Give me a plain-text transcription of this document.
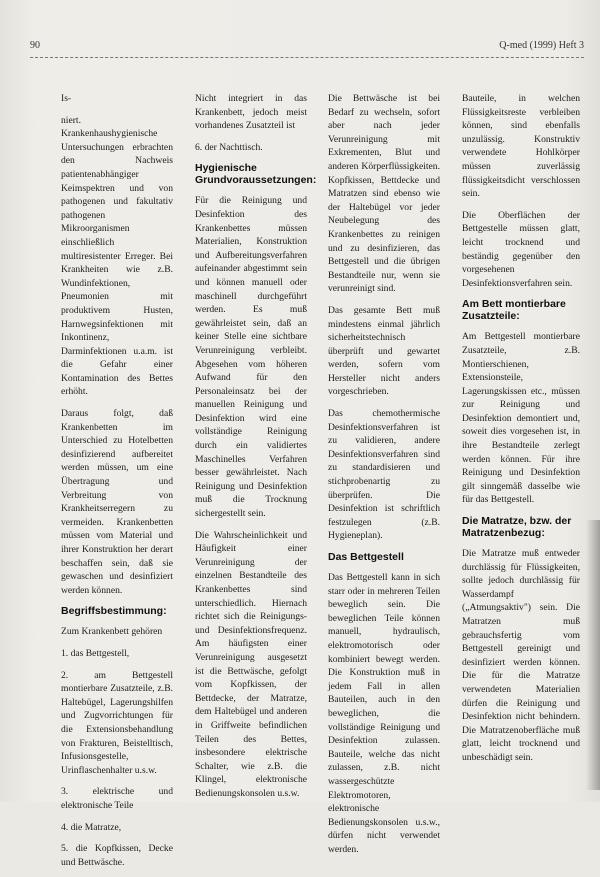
90	Q-med (1999) Heft 3

Is-

niert. Krankenhaushygienische Untersuchungen erbrachten den Nachweis patientenabhängiger Keimspektren und von pathogenen und fakultativ pathogenen Mikroorganismen einschließlich multiresistenter Erreger. Bei Krankheiten wie z.B. Wundinfektionen, Pneumonien mit produktivem Husten, Harnwegsinfektionen mit Inkontinenz, Darminfektionen u.a.m. ist die Gefahr einer Kontamination des Bettes erhöht.

Daraus folgt, daß Krankenbetten im Unterschied zu Hotelbetten desinfizierend aufbereitet werden müssen, um eine Übertragung und Verbreitung von Krankheitserregern zu vermeiden. Krankenbetten müssen vom Material und ihrer Konstruktion her derart beschaffen sein, daß sie gewaschen und desinfiziert werden können.

Begriffsbestimmung:

Zum Krankenbett gehören

1. das Bettgestell,

2. am Bettgestell montierbare Zusatzteile, z.B. Haltebügel, Lagerungshilfen und Zugvorrichtungen für die Extensionsbehandlung von Frakturen, Beistelltisch, Infusionsgestelle, Urinflaschenhalter u.s.w.

3. elektrische und elektronische Teile

4. die Matratze,

5. die Kopfkissen, Decke und Bettwäsche.

Nicht integriert in das Krankenbett, jedoch meist vorhandenes Zusatzteil ist

6. der Nachttisch.

Hygienische Grundvoraussetzungen:

Für die Reinigung und Desinfektion des Krankenbettes müssen Materialien, Konstruktion und Aufbereitungsverfahren aufeinander abgestimmt sein und können manuell oder maschinell durchgeführt werden. Es muß gewährleistet sein, daß an keiner Stelle eine sichtbare Verunreinigung verbleibt. Abgesehen vom höheren Aufwand für den Personaleinsatz bei der manuellen Reinigung und Desinfektion wird eine vollständige Reinigung durch ein validiertes Maschinelles Verfahren besser gewährleistet. Nach Reinigung und Desinfektion muß die Trocknung sichergestellt sein.

Die Wahrscheinlichkeit und Häufigkeit einer Verunreinigung der einzelnen Bestandteile des Krankenbettes sind unterschiedlich. Hiernach richtet sich die Reinigungs- und Desinfektionsfrequenz. Am häufigsten einer Verunreinigung ausgesetzt ist die Bettwäsche, gefolgt vom Kopfkissen, der Bettdecke, der Matratze, dem Haltebügel und anderen in Griffweite befindlichen Teilen des Bettes, insbesondere elektrische Schalter, wie z.B. die Klingel, elektronische Bedienungskonsolen u.s.w.

Die Bettwäsche ist bei Bedarf zu wechseln, sofort aber nach jeder Verunreinigung mit Exkrementen, Blut und anderen Körperflüssigkeiten. Kopfkissen, Bettdecke und Matratzen sind ebenso wie der Haltebügel vor jeder Neubelegung des Krankenbettes zu reinigen und zu desinfizieren, das Bettgestell und die übrigen Bestandteile nur, wenn sie verunreinigt sind.

Das gesamte Bett muß mindestens einmal jährlich sicherheitstechnisch überprüft und gewartet werden, sofern vom Hersteller nicht anders vorgeschrieben.

Das chemothermische Desinfektionsverfahren ist zu validieren, andere Desinfektionsverfahren sind zu standardisieren und stichprobenartig zu überprüfen. Die Desinfektion ist schriftlich festzulegen (z.B. Hygieneplan).

Das Bettgestell

Das Bettgestell kann in sich starr oder in mehreren Teilen beweglich sein. Die beweglichen Teile können manuell, hydraulisch, elektromotorisch oder kombiniert bewegt werden. Die Konstruktion muß in jedem Fall in allen Bauteilen, auch in den beweglichen, die vollständige Reinigung und Desinfektion zulassen. Bauteile, welche das nicht zulassen, z.B. nicht wassergeschützte Elektromotoren, elektronische Bedienungskonsolen u.s.w., dürfen nicht verwendet werden.

Bauteile, in welchen Flüssigkeitsreste verbleiben können, sind ebenfalls unzulässig. Konstruktiv verwendete Hohlkörper müssen zuverlässig flüssigkeitsdicht verschlossen sein.

Die Oberflächen der Bettgestelle müssen glatt, leicht trocknend und beständig gegenüber den vorgesehenen Desinfektionsverfahren sein.

Am Bett montierbare Zusatzteile:

Am Bettgestell montierbare Zusatzteile, z.B. Montierschienen, Extensionsteile, Lagerungskissen etc., müssen zur Reinigung und Desinfektion demontiert und, soweit dies vorgesehen ist, in ihre Bestandteile zerlegt werden können. Für ihre Reinigung und Desinfektion gilt sinngemäß dasselbe wie für das Bettgestell.

Die Matratze, bzw. der Matratzenbezug:

Die Matratze muß entweder durchlässig für Flüssigkeiten, sollte jedoch durchlässig für Wasserdampf („Atmungsaktiv") sein. Die Matratzen muß gebrauchsfertig vom Bettgestell gereinigt und desinfiziert werden können. Die für die Matratze verwendeten Materialien dürfen die Reinigung und Desinfektion nicht behindern. Die Matratzenoberfläche muß glatt, leicht trocknend und unbeschädigt sein.
